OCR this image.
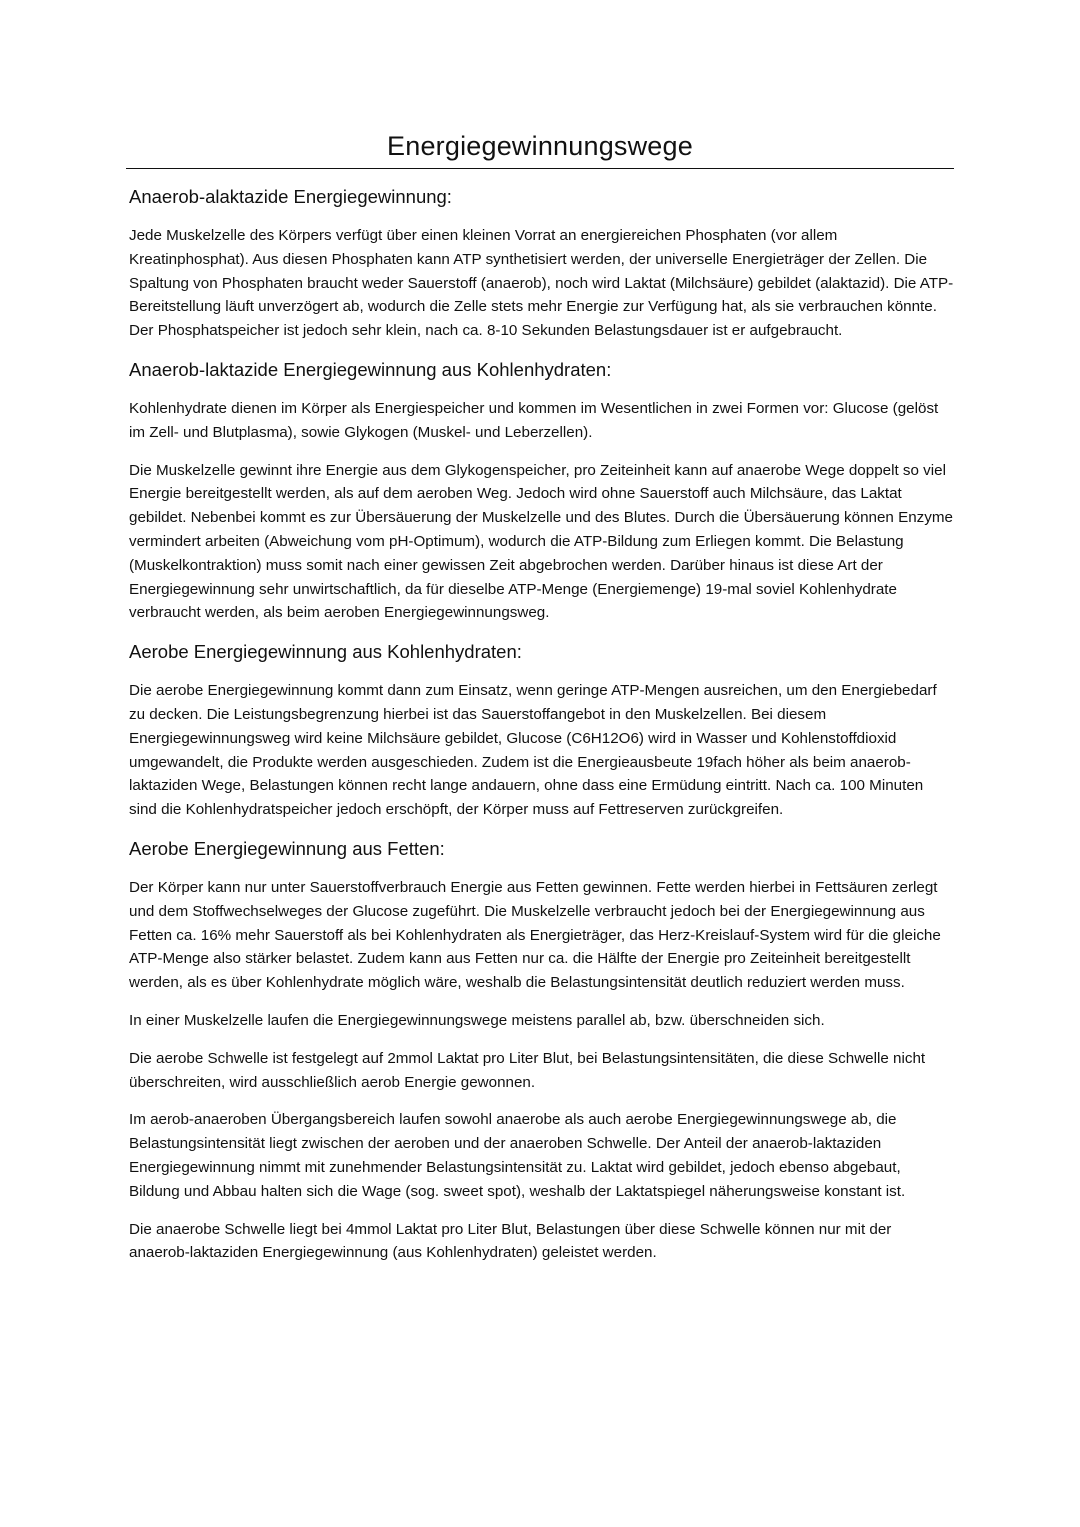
Energiegewinnungswege
Anaerob-alaktazide Energiegewinnung:
Jede Muskelzelle des Körpers verfügt über einen kleinen Vorrat an energiereichen Phosphaten (vor allem Kreatinphosphat). Aus diesen Phosphaten kann ATP synthetisiert werden, der universelle Energieträger der Zellen. Die Spaltung von Phosphaten braucht weder Sauerstoff (anaerob), noch wird Laktat (Milchsäure) gebildet (alaktazid). Die ATP-Bereitstellung läuft unverzögert ab, wodurch die Zelle stets mehr Energie zur Verfügung hat, als sie verbrauchen könnte. Der Phosphatspeicher ist jedoch sehr klein, nach ca. 8-10 Sekunden Belastungsdauer ist er aufgebraucht.
Anaerob-laktazide Energiegewinnung aus Kohlenhydraten:
Kohlenhydrate dienen im Körper als Energiespeicher und kommen im Wesentlichen in zwei Formen vor: Glucose (gelöst im Zell- und Blutplasma), sowie Glykogen (Muskel- und Leberzellen).
Die Muskelzelle gewinnt ihre Energie aus dem Glykogenspeicher, pro Zeiteinheit kann auf anaerobe Wege doppelt so viel Energie bereitgestellt werden, als auf dem aeroben Weg. Jedoch wird ohne Sauerstoff auch Milchsäure, das Laktat gebildet. Nebenbei kommt es zur Übersäuerung der Muskelzelle und des Blutes. Durch die Übersäuerung können Enzyme vermindert arbeiten (Abweichung vom pH-Optimum), wodurch die ATP-Bildung zum Erliegen kommt. Die Belastung (Muskelkontraktion) muss somit nach einer gewissen Zeit abgebrochen werden. Darüber hinaus ist diese Art der Energiegewinnung sehr unwirtschaftlich, da für dieselbe ATP-Menge (Energiemenge) 19-mal soviel Kohlenhydrate verbraucht werden, als beim aeroben Energiegewinnungsweg.
Aerobe Energiegewinnung aus Kohlenhydraten:
Die aerobe Energiegewinnung kommt dann zum Einsatz, wenn geringe ATP-Mengen ausreichen, um den Energiebedarf zu decken. Die Leistungsbegrenzung hierbei ist das Sauerstoffangebot in den Muskelzellen. Bei diesem Energiegewinnungsweg wird keine Milchsäure gebildet, Glucose (C6H12O6) wird in Wasser und Kohlenstoffdioxid umgewandelt, die Produkte werden ausgeschieden. Zudem ist die Energieausbeute 19fach höher als beim anaerob-laktaziden Wege, Belastungen können recht lange andauern, ohne dass eine Ermüdung eintritt. Nach ca. 100 Minuten sind die Kohlenhydratspeicher jedoch erschöpft, der Körper muss auf Fettreserven zurückgreifen.
Aerobe Energiegewinnung aus Fetten:
Der Körper kann nur unter Sauerstoffverbrauch Energie aus Fetten gewinnen. Fette werden hierbei in Fettsäuren zerlegt und dem Stoffwechselweges der Glucose zugeführt. Die Muskelzelle verbraucht jedoch bei der Energiegewinnung aus Fetten ca. 16% mehr Sauerstoff als bei Kohlenhydraten als Energieträger, das Herz-Kreislauf-System wird für die gleiche ATP-Menge also stärker belastet. Zudem kann aus Fetten nur ca. die Hälfte der Energie pro Zeiteinheit bereitgestellt werden, als es über Kohlenhydrate möglich wäre, weshalb die Belastungsintensität deutlich reduziert werden muss.
In einer Muskelzelle laufen die Energiegewinnungswege meistens parallel ab, bzw. überschneiden sich.
Die aerobe Schwelle ist festgelegt auf 2mmol Laktat pro Liter Blut, bei Belastungsintensitäten, die diese Schwelle nicht überschreiten, wird ausschließlich aerob Energie gewonnen.
Im aerob-anaeroben Übergangsbereich laufen sowohl anaerobe als auch aerobe Energiegewinnungswege ab, die Belastungsintensität liegt zwischen der aeroben und der anaeroben Schwelle. Der Anteil der anaerob-laktaziden Energiegewinnung nimmt mit zunehmender Belastungsintensität zu. Laktat wird gebildet, jedoch ebenso abgebaut, Bildung und Abbau halten sich die Wage (sog. sweet spot), weshalb der Laktatspiegel näherungsweise konstant ist.
Die anaerobe Schwelle liegt bei 4mmol Laktat pro Liter Blut, Belastungen über diese Schwelle können nur mit der anaerob-laktaziden Energiegewinnung (aus Kohlenhydraten) geleistet werden.
